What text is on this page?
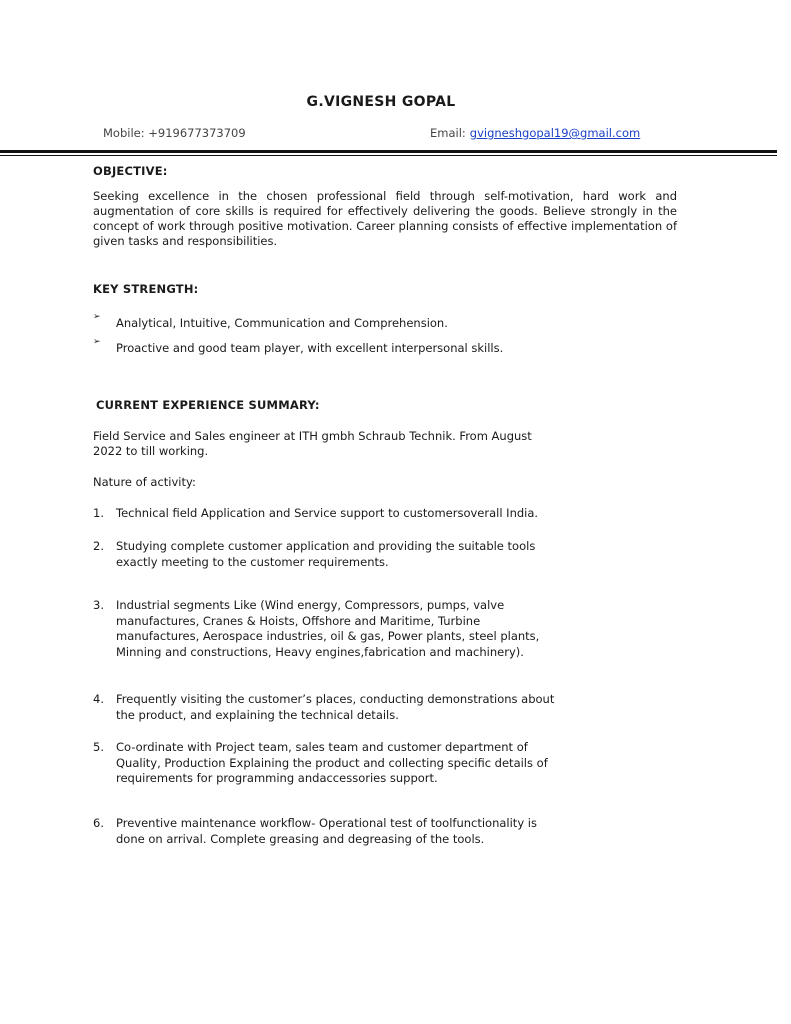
G.VIGNESH GOPAL
Mobile: +919677373709	Email: gvigneshgopal19@gmail.com
OBJECTIVE:
Seeking excellence in the chosen professional field through self-motivation, hard work and augmentation of core skills is required for effectively delivering the goods. Believe strongly in the concept of work through positive motivation. Career planning consists of effective implementation of given tasks and responsibilities.
KEY STRENGTH:
➢ Analytical, Intuitive, Communication and Comprehension.
➢ Proactive and good team player, with excellent interpersonal skills.
CURRENT EXPERIENCE SUMMARY:
Field Service and Sales engineer at ITH gmbh Schraub Technik. From August 2022 to till working.
Nature of activity:
1.	Technical field Application and Service support to customersoverall India.
2.	Studying complete customer application and providing the suitable tools
exactly meeting to the customer requirements.
3.	Industrial segments Like (Wind energy, Compressors, pumps, valve
manufactures, Cranes & Hoists, Offshore and Maritime, Turbine
manufactures, Aerospace industries, oil & gas, Power plants, steel plants,
Minning and constructions, Heavy engines,fabrication and machinery).
4.	Frequently visiting the customer’s places, conducting demonstrations about
the product, and explaining the technical details.
5.	Co-ordinate with Project team, sales team and customer department of
Quality, Production Explaining the product and collecting specific details of
requirements for programming andaccessories support.
6.	Preventive maintenance workflow- Operational test of toolfunctionality is
done on arrival. Complete greasing and degreasing of the tools.
